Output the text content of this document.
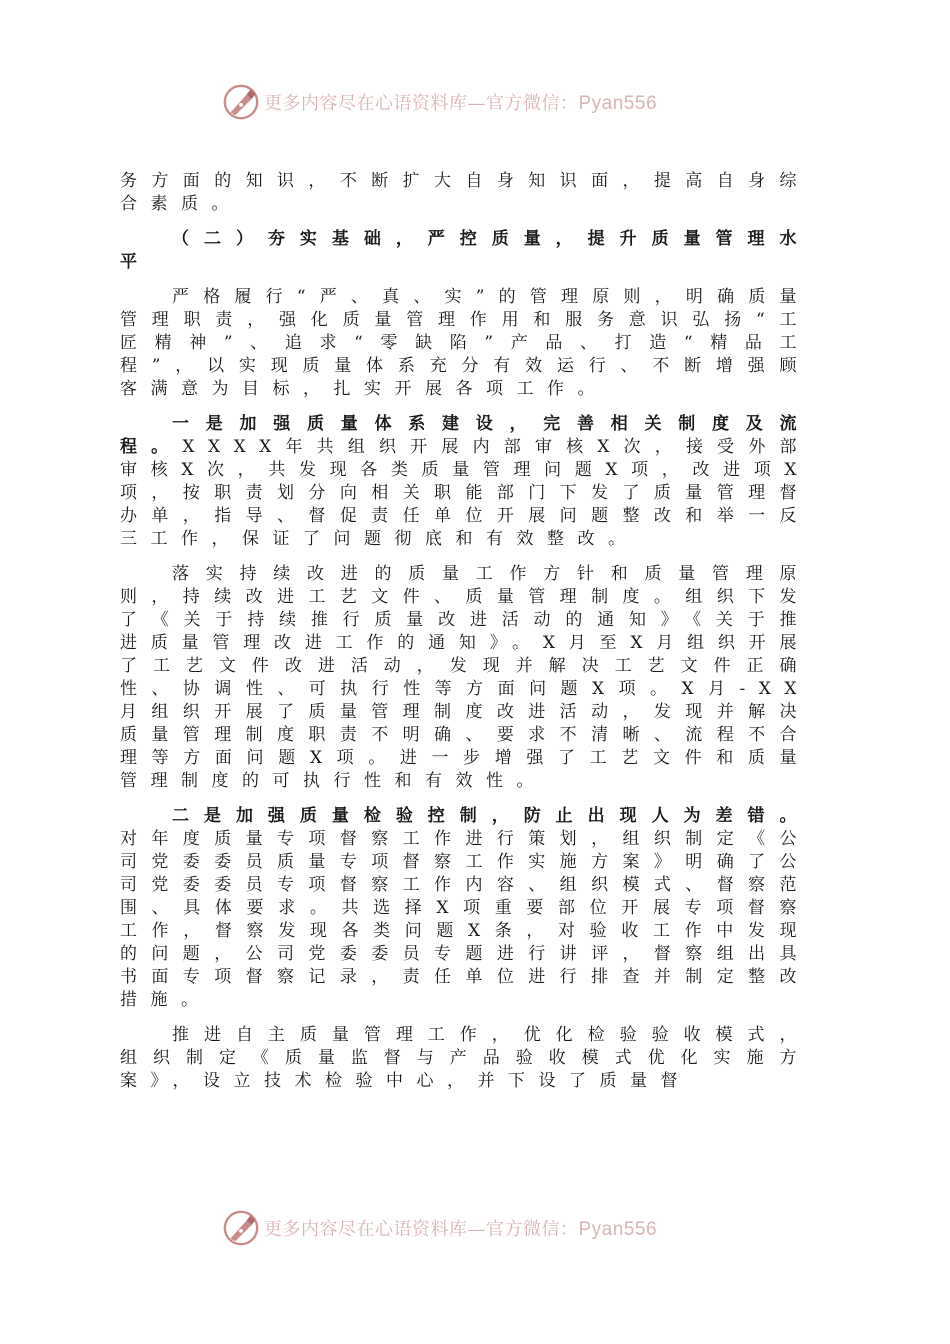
更多内容尽在心语资料库—官方微信：Pyan556

务方面的知识，不断扩大自身知识面，提高自身综合素质。

（二）夯实基础，严控质量，提升质量管理水平

严格履行“严、真、实”的管理原则，明确质量管理职责，强化质量管理作用和服务意识弘扬“工匠精神”、追求“零缺陷”产品、打造“精品工程”，以实现质量体系充分有效运行、不断增强顾客满意为目标，扎实开展各项工作。

一是加强质量体系建设，完善相关制度及流程。XXXX年共组织开展内部审核X次，接受外部审核X次，共发现各类质量管理问题X项，改进项X项，按职责划分向相关职能部门下发了质量管理督办单，指导、督促责任单位开展问题整改和举一反三工作，保证了问题彻底和有效整改。

落实持续改进的质量工作方针和质量管理原则，持续改进工艺文件、质量管理制度。组织下发了《关于持续推行质量改进活动的通知》《关于推进质量管理改进工作的通知》。X月至X月组织开展了工艺文件改进活动，发现并解决工艺文件正确性、协调性、可执行性等方面问题X项。X月-XX月组织开展了质量管理制度改进活动，发现并解决质量管理制度职责不明确、要求不清晰、流程不合理等方面问题X项。进一步增强了工艺文件和质量管理制度的可执行性和有效性。

二是加强质量检验控制，防止出现人为差错。对年度质量专项督察工作进行策划，组织制定《公司党委委员质量专项督察工作实施方案》明确了公司党委委员专项督察工作内容、组织模式、督察范围、具体要求。共选择X项重要部位开展专项督察工作，督察发现各类问题X条，对验收工作中发现的问题，公司党委委员专题进行讲评，督察组出具书面专项督察记录，责任单位进行排查并制定整改措施。

推进自主质量管理工作，优化检验验收模式，组织制定《质量监督与产品验收模式优化实施方案》，设立技术检验中心，并下设了质量督

更多内容尽在心语资料库—官方微信：Pyan556
